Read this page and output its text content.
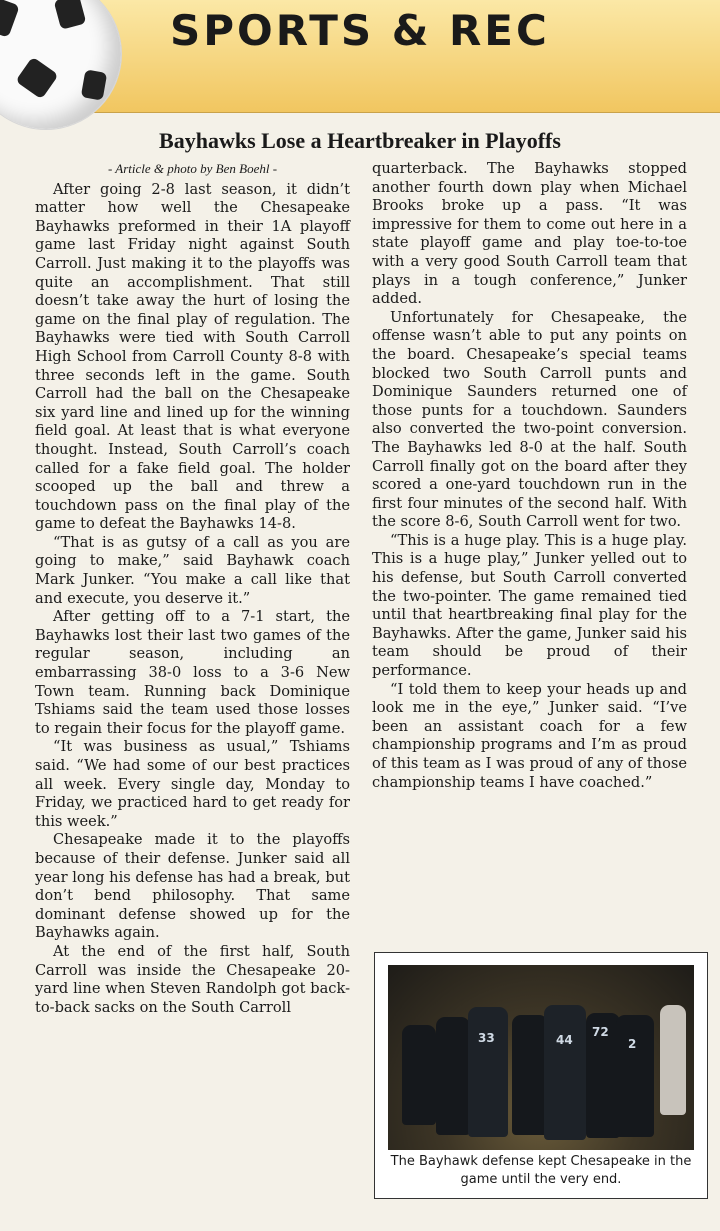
SPORTS & REC
Bayhawks Lose a Heartbreaker in Playoffs
- Article & photo by Ben Boehl -

After going 2-8 last season, it didn’t matter how well the Chesapeake Bayhawks preformed in their 1A playoff game last Friday night against South Carroll. Just making it to the playoffs was quite an accomplishment. That still doesn’t take away the hurt of losing the game on the final play of regulation. The Bayhawks were tied with South Carroll High School from Carroll County 8-8 with three seconds left in the game. South Carroll had the ball on the Chesapeake six yard line and lined up for the winning field goal. At least that is what everyone thought. Instead, South Carroll’s coach called for a fake field goal. The holder scooped up the ball and threw a touchdown pass on the final play of the game to defeat the Bayhawks 14-8.

“That is as gutsy of a call as you are going to make,” said Bayhawk coach Mark Junker. “You make a call like that and execute, you deserve it.”

After getting off to a 7-1 start, the Bayhawks lost their last two games of the regular season, including an embarrassing 38-0 loss to a 3-6 New Town team. Running back Dominique Tshiams said the team used those losses to regain their focus for the playoff game.

“It was business as usual,” Tshiams said. “We had some of our best practices all week. Every single day, Monday to Friday, we practiced hard to get ready for this week.”

Chesapeake made it to the playoffs because of their defense. Junker said all year long his defense has had a break, but don’t bend philosophy. That same dominant defense showed up for the Bayhawks again.

At the end of the first half, South Carroll was inside the Chesapeake 20-yard line when Steven Randolph got back-to-back sacks on the South Carroll

quarterback. The Bayhawks stopped another fourth down play when Michael Brooks broke up a pass. “It was impressive for them to come out here in a state playoff game and play toe-to-toe with a very good South Carroll team that plays in a tough conference,” Junker added.

Unfortunately for Chesapeake, the offense wasn’t able to put any points on the board. Chesapeake’s special teams blocked two South Carroll punts and Dominique Saunders returned one of those punts for a touchdown. Saunders also converted the two-point conversion. The Bayhawks led 8-0 at the half. South Carroll finally got on the board after they scored a one-yard touchdown run in the first four minutes of the second half. With the score 8-6, South Carroll went for two.

“This is a huge play. This is a huge play. This is a huge play,” Junker yelled out to his defense, but South Carroll converted the two-pointer. The game remained tied until that heartbreaking final play for the Bayhawks. After the game, Junker said his team should be proud of their performance.

“I told them to keep your heads up and look me in the eye,” Junker said. “I’ve been an assistant coach for a few championship programs and I’m as proud of this team as I was proud of any of those championship teams I have coached.”

33	44
72
2
The Bayhawk defense kept Chesapeake in the game until the very end.
